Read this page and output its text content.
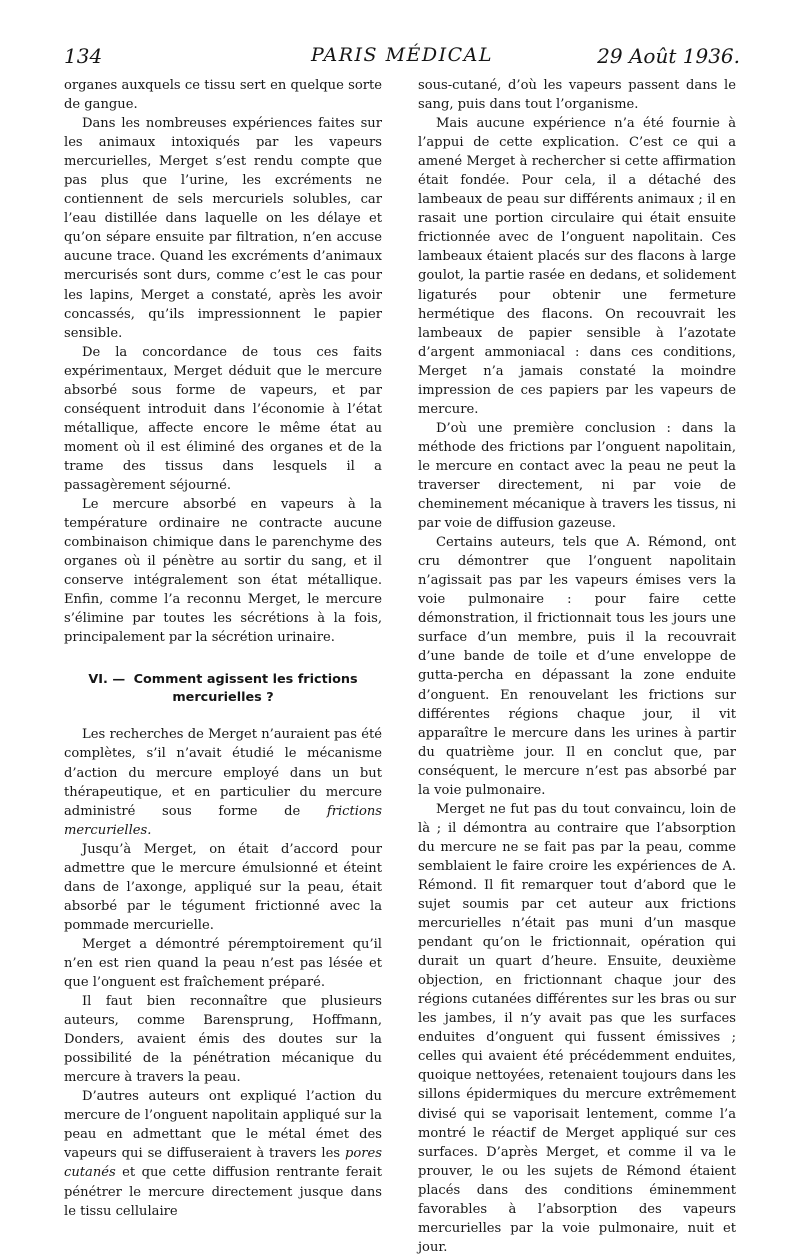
134	PARIS MÉDICAL	29 Août 1936.

organes auxquels ce tissu sert en quelque sorte de gangue.

Dans les nombreuses expériences faites sur les animaux intoxiqués par les vapeurs mercurielles, Merget s’est rendu compte que pas plus que l’urine, les excréments ne contiennent de sels mercuriels solubles, car l’eau distillée dans laquelle on les délaye et qu’on sépare ensuite par filtration, n’en accuse aucune trace. Quand les excréments d’animaux mercurisés sont durs, comme c’est le cas pour les lapins, Merget a constaté, après les avoir concassés, qu’ils impressionnent le papier sensible.

De la concordance de tous ces faits expérimentaux, Merget déduit que le mercure absorbé sous forme de vapeurs, et par conséquent introduit dans l’économie à l’état métallique, affecte encore le même état au moment où il est éliminé des organes et de la trame des tissus dans lesquels il a passagèrement séjourné.

Le mercure absorbé en vapeurs à la température ordinaire ne contracte aucune combinaison chimique dans le parenchyme des organes où il pénètre au sortir du sang, et il conserve intégralement son état métallique. Enfin, comme l’a reconnu Merget, le mercure s’élimine par toutes les sécrétions à la fois, principalement par la sécrétion urinaire.

VI. — Comment agissent les frictions mercurielles ?

Les recherches de Merget n’auraient pas été complètes, s’il n’avait étudié le mécanisme d’action du mercure employé dans un but thérapeutique, et en particulier du mercure administré sous forme de frictions mercurielles.

Jusqu’à Merget, on était d’accord pour admettre que le mercure émulsionné et éteint dans de l’axonge, appliqué sur la peau, était absorbé par le tégument frictionné avec la pommade mercurielle.

Merget a démontré péremptoirement qu’il n’en est rien quand la peau n’est pas lésée et que l’onguent est fraîchement préparé.

Il faut bien reconnaître que plusieurs auteurs, comme Barensprung, Hoffmann, Donders, avaient émis des doutes sur la possibilité de la pénétration mécanique du mercure à travers la peau.

D’autres auteurs ont expliqué l’action du mercure de l’onguent napolitain appliqué sur la peau en admettant que le métal émet des vapeurs qui se diffuseraient à travers les pores cutanés et que cette diffusion rentrante ferait pénétrer le mercure directement jusque dans le tissu cellulaire

sous-cutané, d’où les vapeurs passent dans le sang, puis dans tout l’organisme.

Mais aucune expérience n’a été fournie à l’appui de cette explication. C’est ce qui a amené Merget à rechercher si cette affirmation était fondée. Pour cela, il a détaché des lambeaux de peau sur différents animaux ; il en rasait une portion circulaire qui était ensuite frictionnée avec de l’onguent napolitain. Ces lambeaux étaient placés sur des flacons à large goulot, la partie rasée en dedans, et solidement ligaturés pour obtenir une fermeture hermétique des flacons. On recouvrait les lambeaux de papier sensible à l’azotate d’argent ammoniacal : dans ces conditions, Merget n’a jamais constaté la moindre impression de ces papiers par les vapeurs de mercure.

D’où une première conclusion : dans la méthode des frictions par l’onguent napolitain, le mercure en contact avec la peau ne peut la traverser directement, ni par voie de cheminement mécanique à travers les tissus, ni par voie de diffusion gazeuse.

Certains auteurs, tels que A. Rémond, ont cru démontrer que l’onguent napolitain n’agissait pas par les vapeurs émises vers la voie pulmonaire : pour faire cette démonstration, il frictionnait tous les jours une surface d’un membre, puis il la recouvrait d’une bande de toile et d’une enveloppe de gutta-percha en dépassant la zone enduite d’onguent. En renouvelant les frictions sur différentes régions chaque jour, il vit apparaître le mercure dans les urines à partir du quatrième jour. Il en conclut que, par conséquent, le mercure n’est pas absorbé par la voie pulmonaire.

Merget ne fut pas du tout convaincu, loin de là ; il démontra au contraire que l’absorption du mercure ne se fait pas par la peau, comme semblaient le faire croire les expériences de A. Rémond. Il fit remarquer tout d’abord que le sujet soumis par cet auteur aux frictions mercurielles n’était pas muni d’un masque pendant qu’on le frictionnait, opération qui durait un quart d’heure. Ensuite, deuxième objection, en frictionnant chaque jour des régions cutanées différentes sur les bras ou sur les jambes, il n’y avait pas que les surfaces enduites d’onguent qui fussent émissives ; celles qui avaient été précédemment enduites, quoique nettoyées, retenaient toujours dans les sillons épidermiques du mercure extrêmement divisé qui se vaporisait lentement, comme l’a montré le réactif de Merget appliqué sur ces surfaces. D’après Merget, et comme il va le prouver, le ou les sujets de Rémond étaient placés dans des conditions éminemment favorables à l’absorption des vapeurs mercurielles par la voie pulmonaire, nuit et jour.
